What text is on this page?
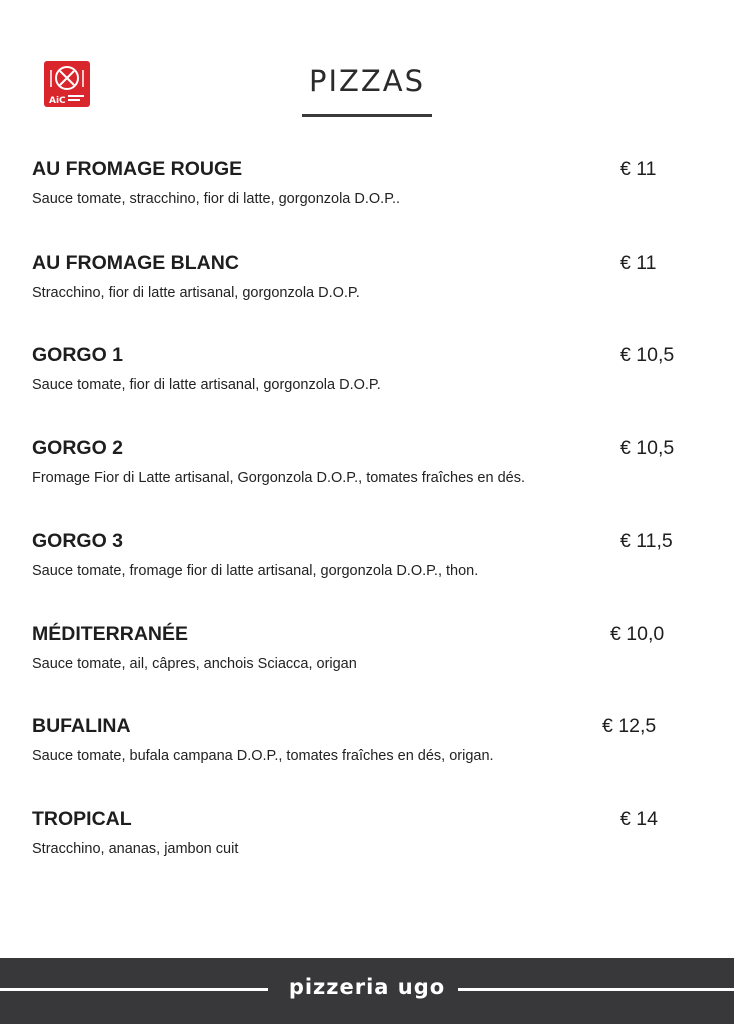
AiC
PIZZAS
AU FROMAGE ROUGE	€ 11
Sauce tomate, stracchino, fior di latte, gorgonzola D.O.P..
AU FROMAGE BLANC	€ 11
Stracchino, fior di latte artisanal, gorgonzola D.O.P.
GORGO 1	€ 10,5
Sauce tomate, fior di latte artisanal, gorgonzola D.O.P.
GORGO 2	€ 10,5
Fromage Fior di Latte artisanal, Gorgonzola D.O.P., tomates fraîches en dés.
GORGO 3	€ 11,5
Sauce tomate, fromage fior di latte artisanal, gorgonzola D.O.P., thon.
MÉDITERRANÉE	€ 10,0
Sauce tomate, ail, câpres, anchois Sciacca, origan
BUFALINA	€ 12,5
Sauce tomate, bufala campana D.O.P., tomates fraîches en dés, origan.
TROPICAL	€ 14
Stracchino, ananas, jambon cuit
pizzeria ugo
